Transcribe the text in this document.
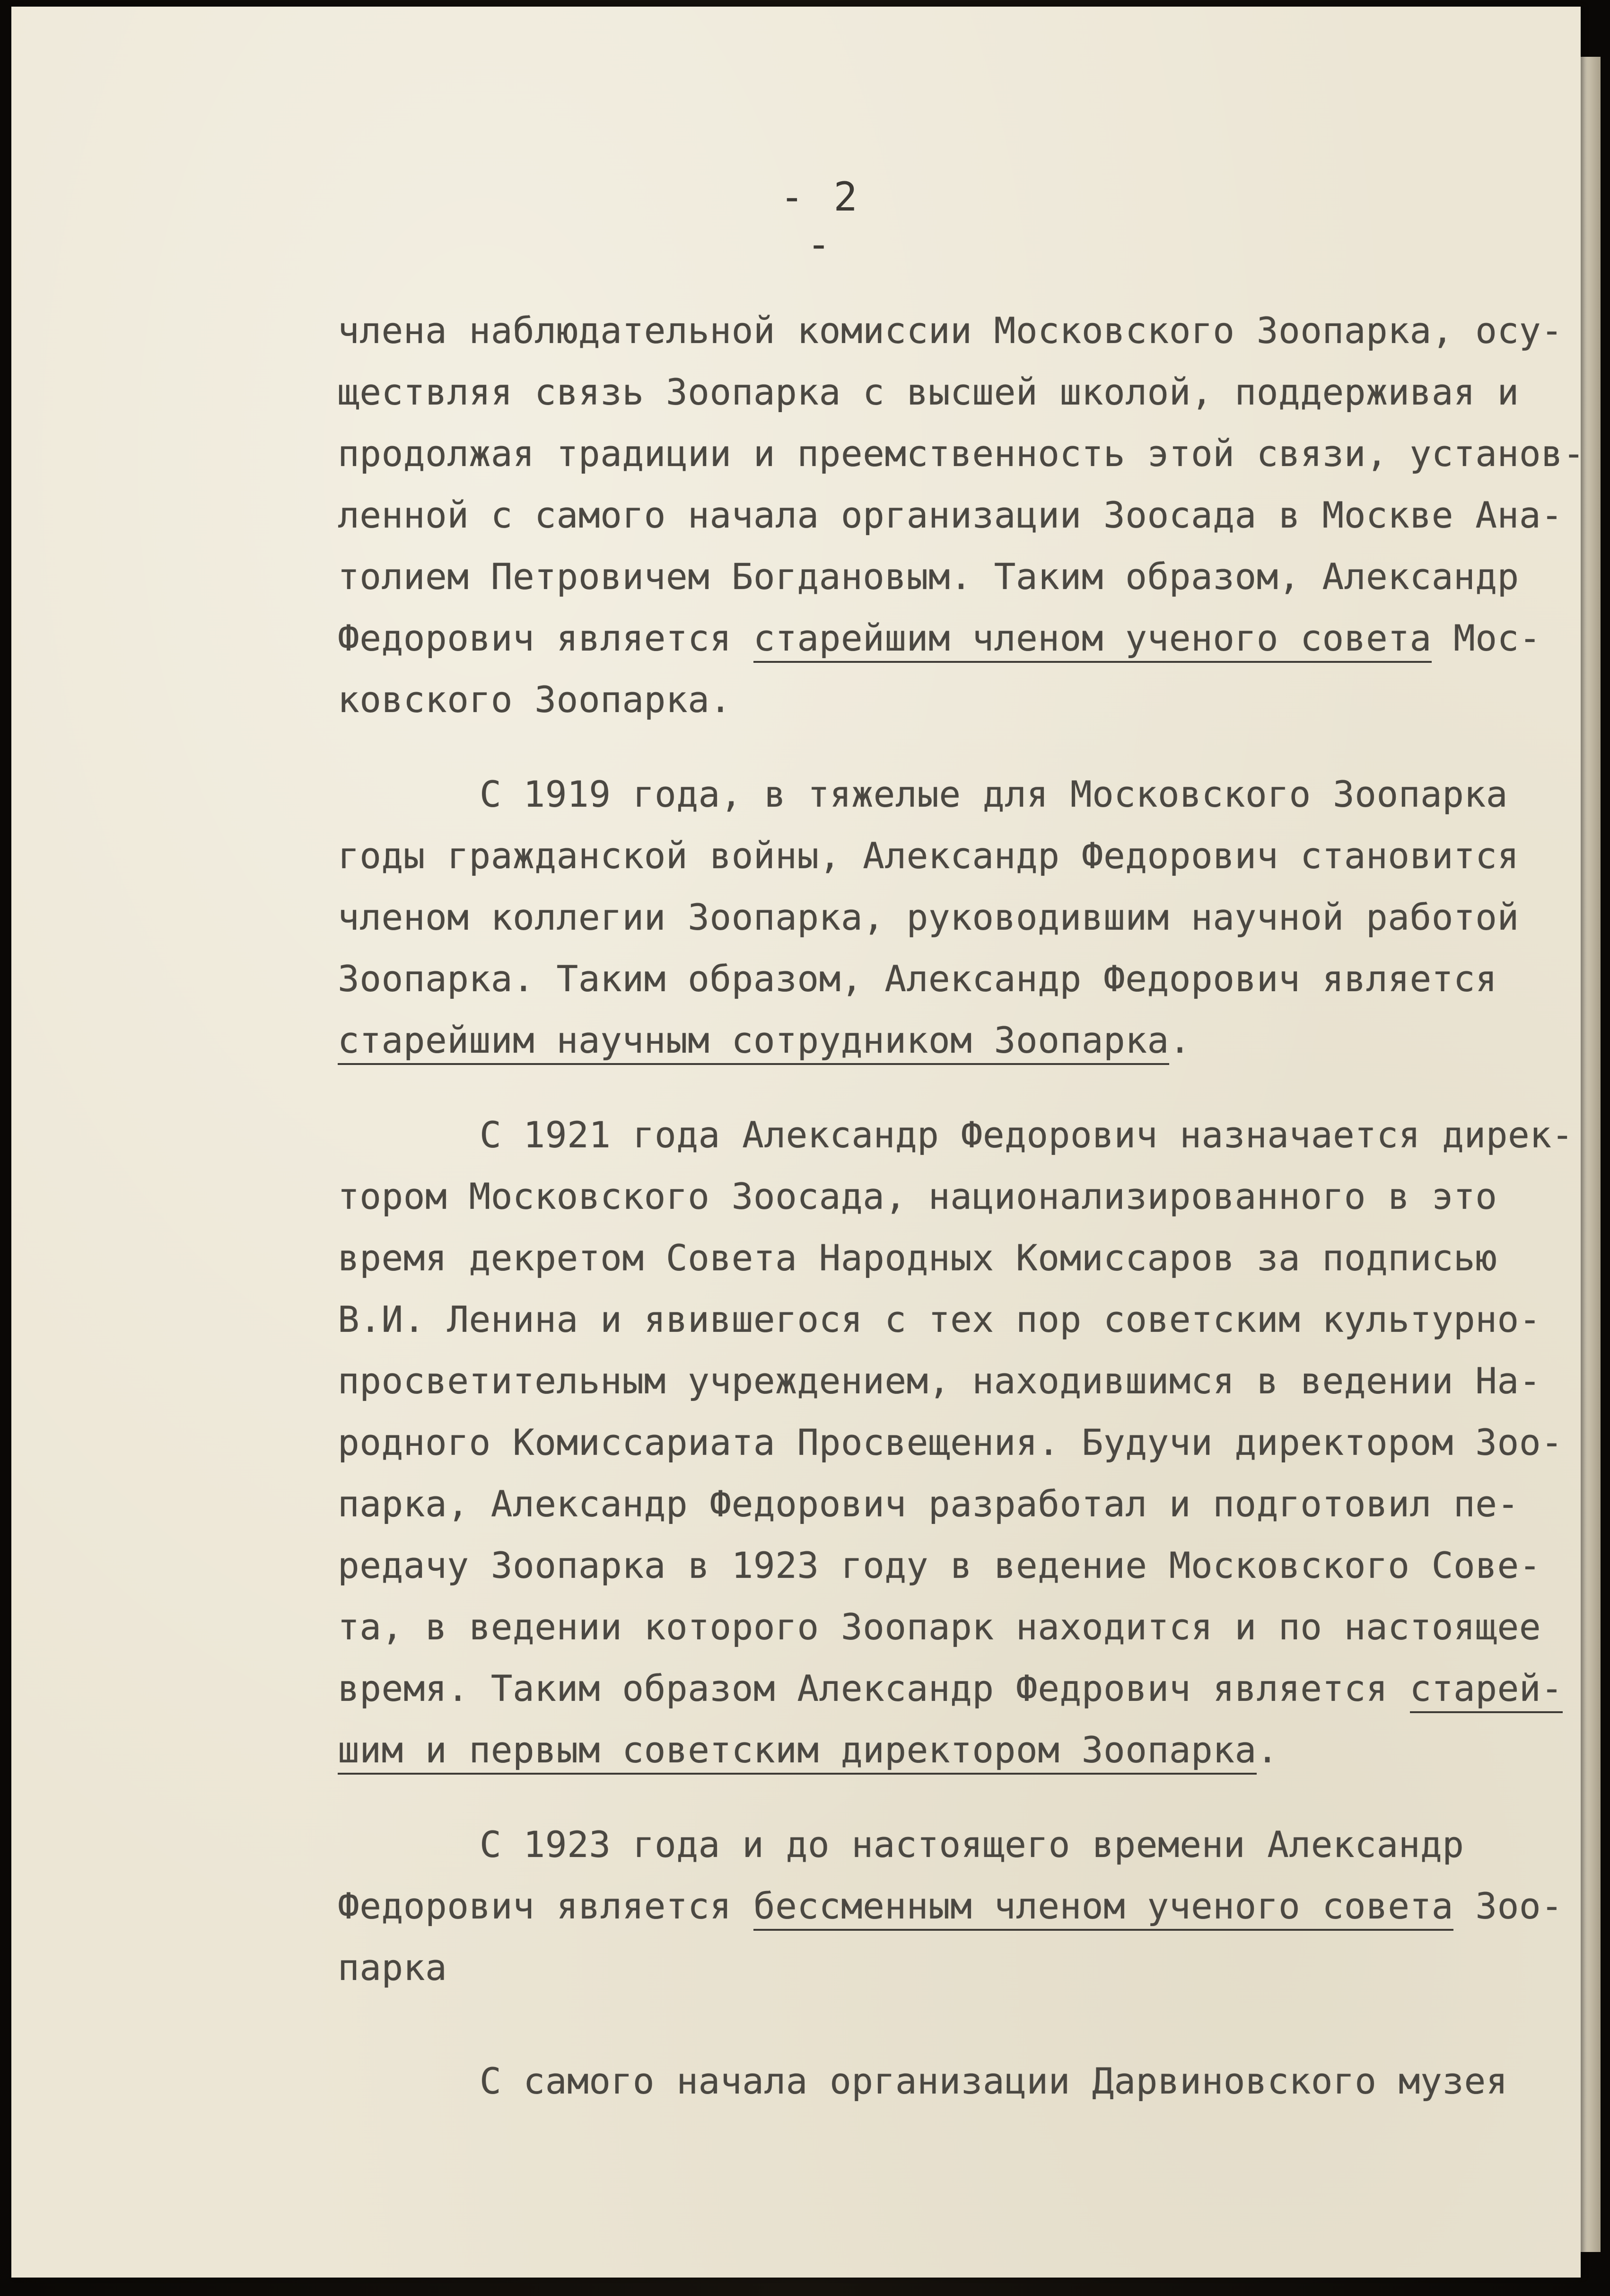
- 2 -
члена наблюдательной комиссии Московского Зоопарка, осу-
ществляя связь Зоопарка с высшей школой, поддерживая и
продолжая традиции и преемственность этой связи, установ-
ленной с самого начала организации Зоосада в Москве Ана-
толием Петровичем Богдановым. Таким образом, Александр
Федорович является старейшим членом ученого совета Мос-
ковского Зоопарка.
С 1919 года, в тяжелые для Московского Зоопарка
годы гражданской войны, Александр Федорович становится
членом коллегии Зоопарка, руководившим научной работой
Зоопарка. Таким образом, Александр Федорович является
старейшим научным сотрудником Зоопарка.
С 1921 года Александр Федорович назначается дирек-
тором Московского Зоосада, национализированного в это
время декретом Совета Народных Комиссаров за подписью
В.И. Ленина и явившегося с тех пор советским культурно-
просветительным учреждением, находившимся в ведении На-
родного Комиссариата Просвещения. Будучи директором Зоо-
парка, Александр Федорович разработал и подготовил пе-
редачу Зоопарка в 1923 году в ведение Московского Сове-
та, в ведении которого Зоопарк находится и по настоящее
время. Таким образом Александр Федрович является старей-
шим и первым советским директором Зоопарка.
С 1923 года и до настоящего времени Александр
Федорович является бессменным членом ученого совета Зоо-
парка
С самого начала организации Дарвиновского музея
